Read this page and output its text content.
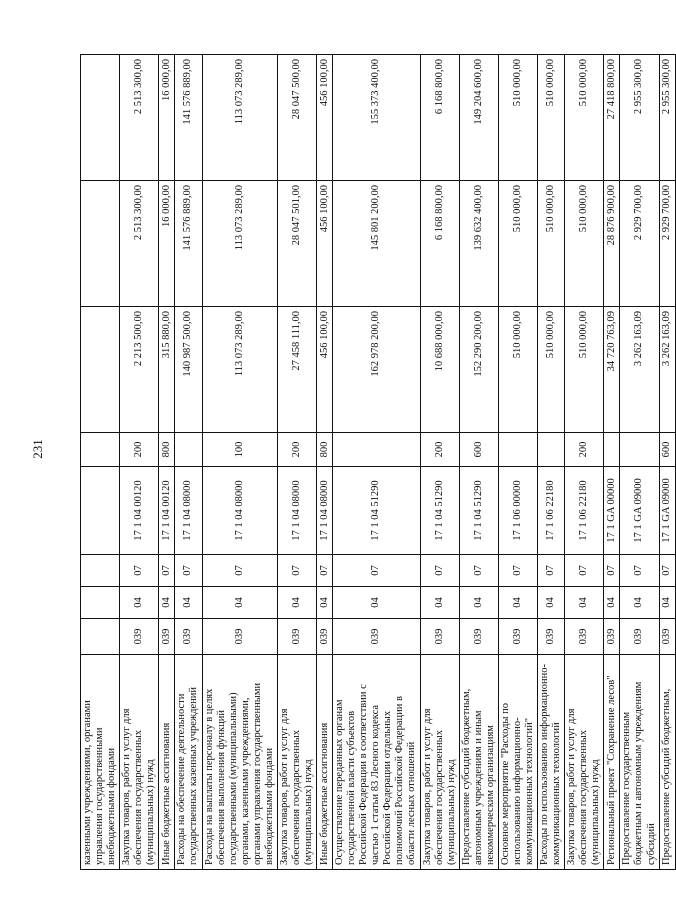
231
казенными учреждениями, органами управления государственными внебюджетными фондами								
Закупка товаров, работ и услуг для обеспечения государственных (муниципальных) нужд	039	04	07	17 1 04 00120	200	2 213 500,00	2 513 300,00	2 513 300,00
Иные бюджетные ассигнования	039	04	07	17 1 04 00120	800	315 880,00	16 000,00	16 000,00
Расходы на обеспечение деятельности государственных казенных учреждений	039	04	07	17 1 04 08000		140 987 500,00	141 576 889,00	141 576 889,00
Расходы на выплаты персоналу в целях обеспечения выполнения функций государственными (муниципальными) органами, казенными учреждениями, органами управления государственными внебюджетными фондами	039	04	07	17 1 04 08000	100	113 073 289,00	113 073 289,00	113 073 289,00
Закупка товаров, работ и услуг для обеспечения государственных (муниципальных) нужд	039	04	07	17 1 04 08000	200	27 458 111,00	28 047 501,00	28 047 500,00
Иные бюджетные ассигнования	039	04	07	17 1 04 08000	800	456 100,00	456 100,00	456 100,00
Осуществление переданных органам государственной власти субъектов Российской Федерации в соответствии с частью 1 статьи 83 Лесного кодекса Российской Федерации отдельных полномочий Российской Федерации в области лесных отношений	039	04	07	17 1 04 51290		162 978 200,00	145 801 200,00	155 373 400,00
Закупка товаров, работ и услуг для обеспечения государственных (муниципальных) нужд	039	04	07	17 1 04 51290	200	10 688 000,00	6 168 800,00	6 168 800,00
Предоставление субсидий бюджетным, автономным учреждениям и иным некоммерческим организациям	039	04	07	17 1 04 51290	600	152 290 200,00	139 632 400,00	149 204 600,00
Основное мероприятие "Расходы по использованию информационно-коммуникационных технологий"	039	04	07	17 1 06 00000		510 000,00	510 000,00	510 000,00
Расходы по использованию информационно-коммуникационных технологий	039	04	07	17 1 06 22180		510 000,00	510 000,00	510 000,00
Закупка товаров, работ и услуг для обеспечения государственных (муниципальных) нужд	039	04	07	17 1 06 22180	200	510 000,00	510 000,00	510 000,00
Региональный проект "Сохранение лесов"	039	04	07	17 1 GA 00000		34 720 763,09	28 876 900,00	27 418 800,00
Предоставление государственным бюджетным и автономным учреждениям субсидий	039	04	07	17 1 GA 09000		3 262 163,09	2 929 700,00	2 955 300,00
Предоставление субсидий бюджетным,	039	04	07	17 1 GA 09000	600	3 262 163,09	2 929 700,00	2 955 300,00
